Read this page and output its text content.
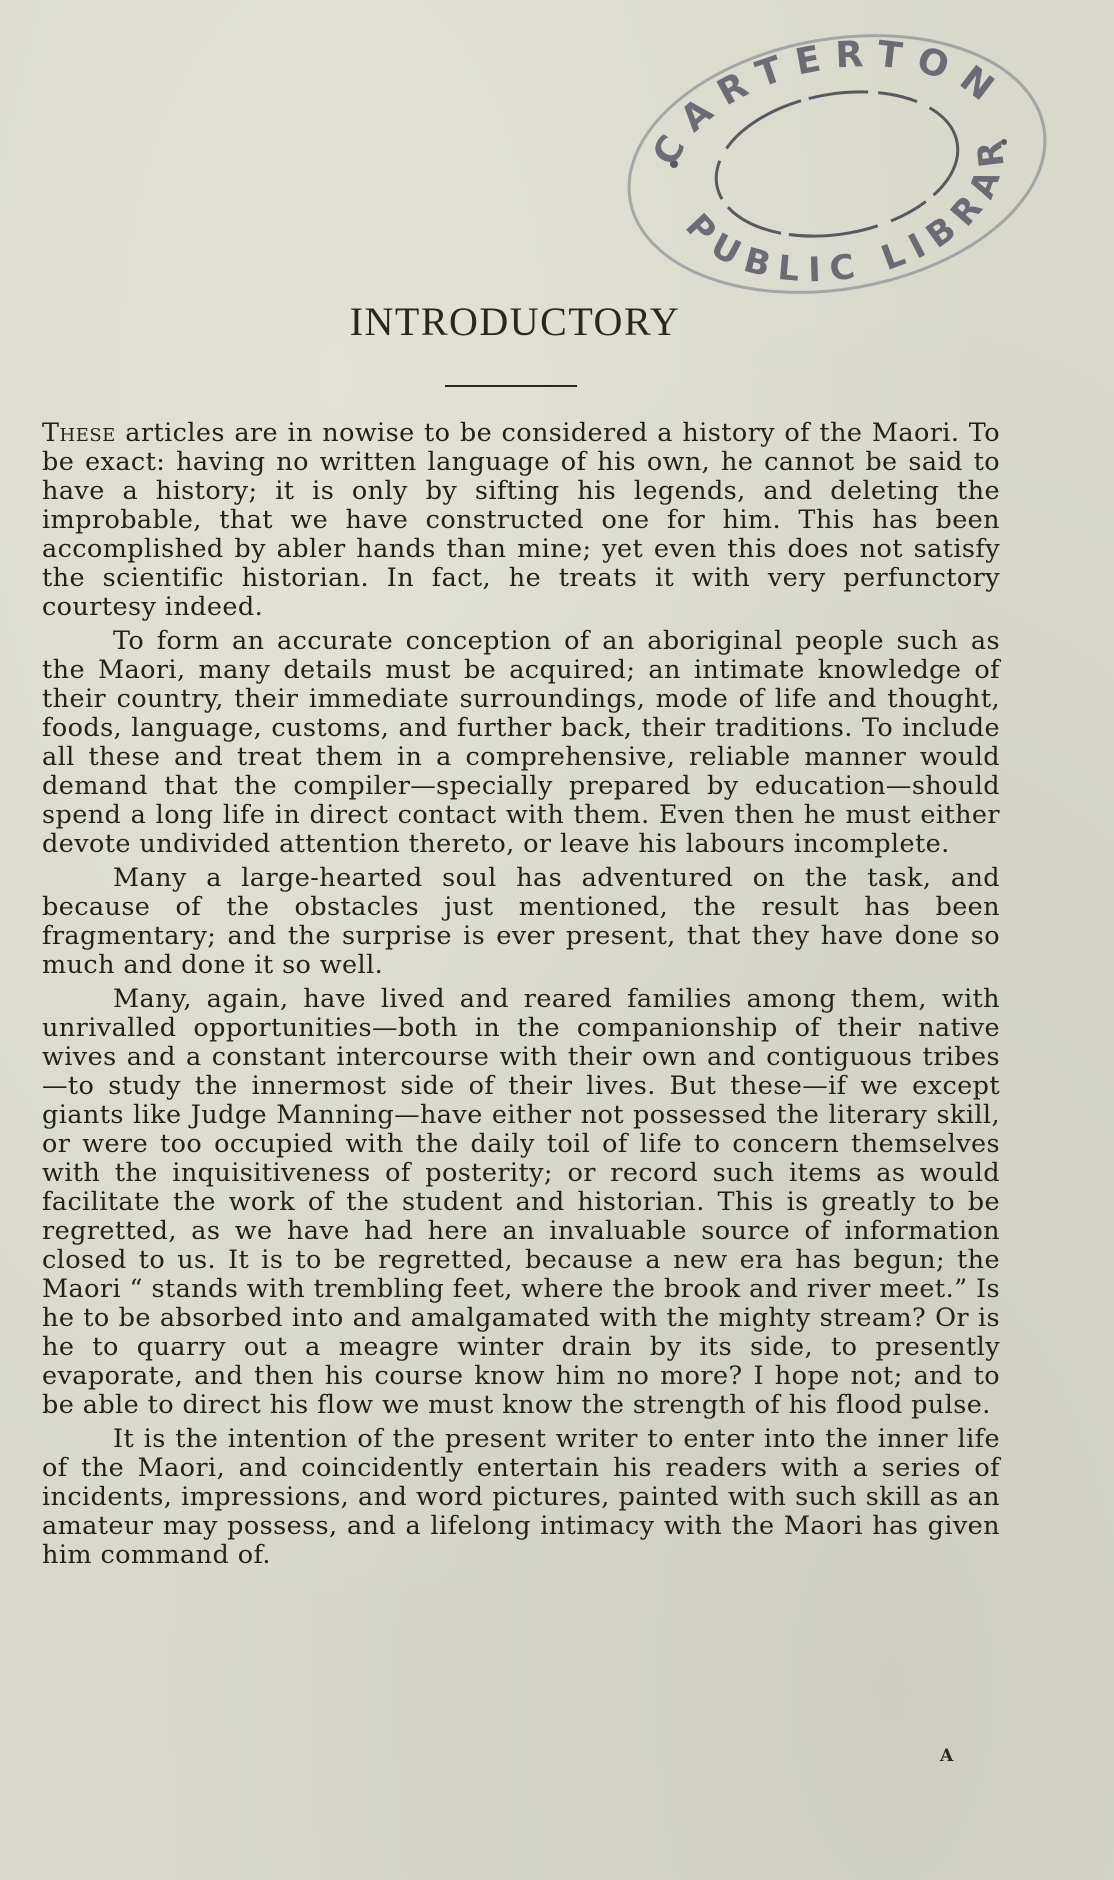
CARTERTON
PUBLIC LIBRARY
INTRODUCTORY

These articles are in nowise to be considered a history of the Maori. To be exact: having no written language of his own, he cannot be said to have a history; it is only by sifting his legends, and deleting the improbable, that we have constructed one for him. This has been accomplished by abler hands than mine; yet even this does not satisfy the scientific historian. In fact, he treats it with very perfunctory courtesy indeed.

To form an accurate conception of an aboriginal people such as the Maori, many details must be acquired; an intimate knowledge of their country, their immediate surroundings, mode of life and thought, foods, language, customs, and further back, their traditions. To include all these and treat them in a comprehensive, reliable manner would demand that the compiler—specially prepared by education—should spend a long life in direct contact with them. Even then he must either devote undivided attention thereto, or leave his labours incomplete.

Many a large-hearted soul has adventured on the task, and because of the obstacles just mentioned, the result has been fragmentary; and the surprise is ever present, that they have done so much and done it so well.

Many, again, have lived and reared families among them, with unrivalled opportunities—both in the companionship of their native wives and a constant intercourse with their own and contiguous tribes—to study the innermost side of their lives. But these—if we except giants like Judge Manning—have either not possessed the literary skill, or were too occupied with the daily toil of life to concern themselves with the inquisitiveness of posterity; or record such items as would facilitate the work of the student and historian. This is greatly to be regretted, as we have had here an invaluable source of information closed to us. It is to be regretted, because a new era has begun; the Maori “ stands with trembling feet, where the brook and river meet.” Is he to be absorbed into and amalgamated with the mighty stream? Or is he to quarry out a meagre winter drain by its side, to presently evaporate, and then his course know him no more? I hope not; and to be able to direct his flow we must know the strength of his flood pulse.

It is the intention of the present writer to enter into the inner life of the Maori, and coincidently entertain his readers with a series of incidents, impressions, and word pictures, painted with such skill as an amateur may possess, and a lifelong intimacy with the Maori has given him command of.

A
